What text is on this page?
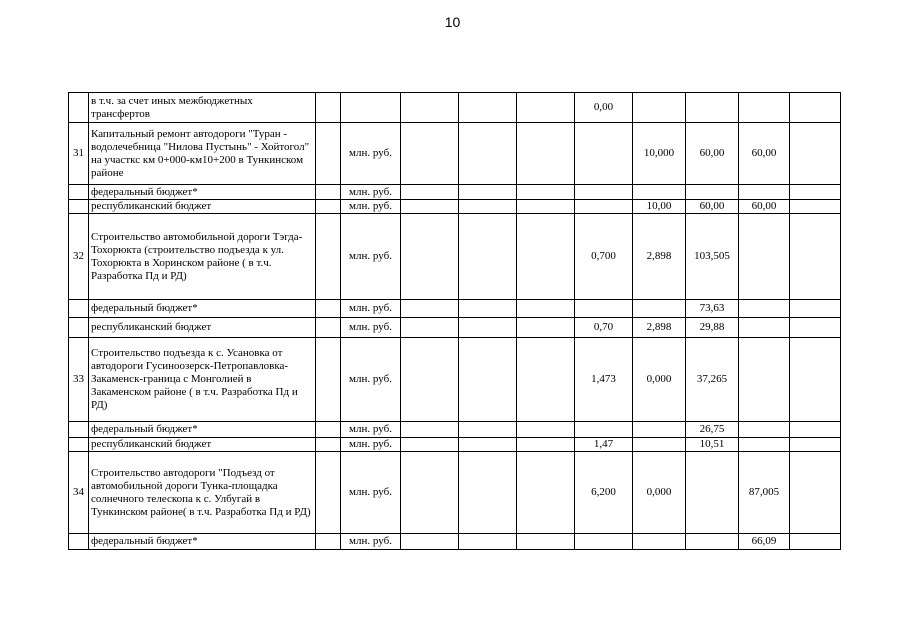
10
	в т.ч. за счет иных межбюджетных трансфертов						0,00					
31	Капитальный ремонт автодороги "Туран - водолечебница "Нилова Пустынь" - Хойтогол" на участкс км 0+000-км10+200 в Тункинском районе		млн. руб.					10,000	60,00	60,00		
	федеральный бюджет*		млн. руб.									
	республиканский бюджет		млн. руб.					10,00	60,00	60,00		
32	Строительство автомобильной дороги Тэгда-Тохорюкта (строительство подъезда к ул. Тохорюкта в Хоринском районе ( в т.ч. Разработка Пд и РД)		млн. руб.				0,700	2,898	103,505			
	федеральный бюджет*		млн. руб.						73,63			
	республиканский бюджет		млн. руб.				0,70	2,898	29,88			
33	Строительство подъезда к с. Усановка от автодороги Гусиноозерск-Петропавловка-Закаменск-граница с Монголией в Закаменском районе ( в т.ч. Разработка Пд и РД)		млн. руб.				1,473	0,000	37,265			
	федеральный бюджет*		млн. руб.						26,75			
	республиканский бюджет		млн. руб.				1,47		10,51			
34	Строительство автодороги "Подъезд от автомобильной дороги Тунка-площадка солнечного телескопа к с. Улбугай в Тункинском районе( в т.ч. Разработка Пд и РД)		млн. руб.				6,200	0,000		87,005		
	федеральный бюджет*		млн. руб.							66,09		
